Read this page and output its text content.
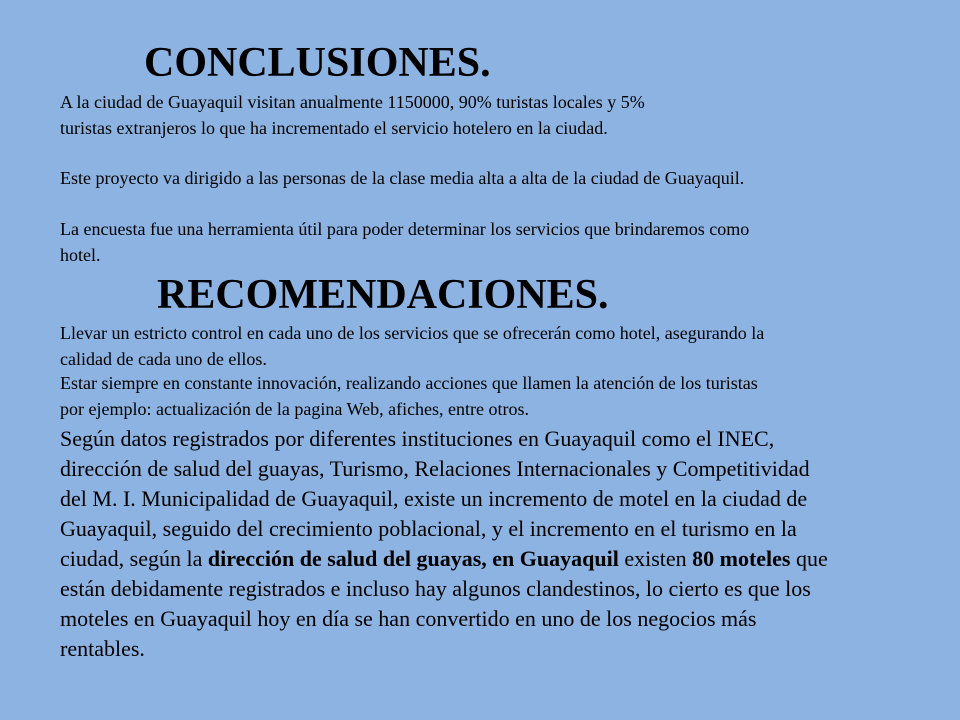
CONCLUSIONES.
A la ciudad de Guayaquil visitan anualmente 1150000, 90% turistas locales y 5%
turistas extranjeros lo que ha incrementado el servicio hotelero en la ciudad.
Este proyecto va dirigido a las personas de la clase media alta a alta de la ciudad de Guayaquil.
La encuesta fue una herramienta útil para poder determinar los servicios que brindaremos como
hotel.
RECOMENDACIONES.
Llevar un estricto control en cada uno de los servicios que se ofrecerán como hotel, asegurando la
calidad de cada uno de ellos.
Estar siempre en constante innovación, realizando acciones que llamen la atención de los turistas
por ejemplo: actualización de la pagina Web, afiches, entre otros.
Según datos registrados por diferentes instituciones en Guayaquil como el INEC,
dirección de salud del guayas, Turismo, Relaciones Internacionales y Competitividad
del M. I. Municipalidad de Guayaquil, existe un incremento de motel en la ciudad de
Guayaquil, seguido del crecimiento poblacional, y el incremento en el turismo en la
ciudad, según la dirección de salud del guayas, en Guayaquil existen 80 moteles que
están debidamente registrados e incluso hay algunos clandestinos, lo cierto es que los
moteles en Guayaquil hoy en día se han convertido en uno de los negocios más
rentables.
